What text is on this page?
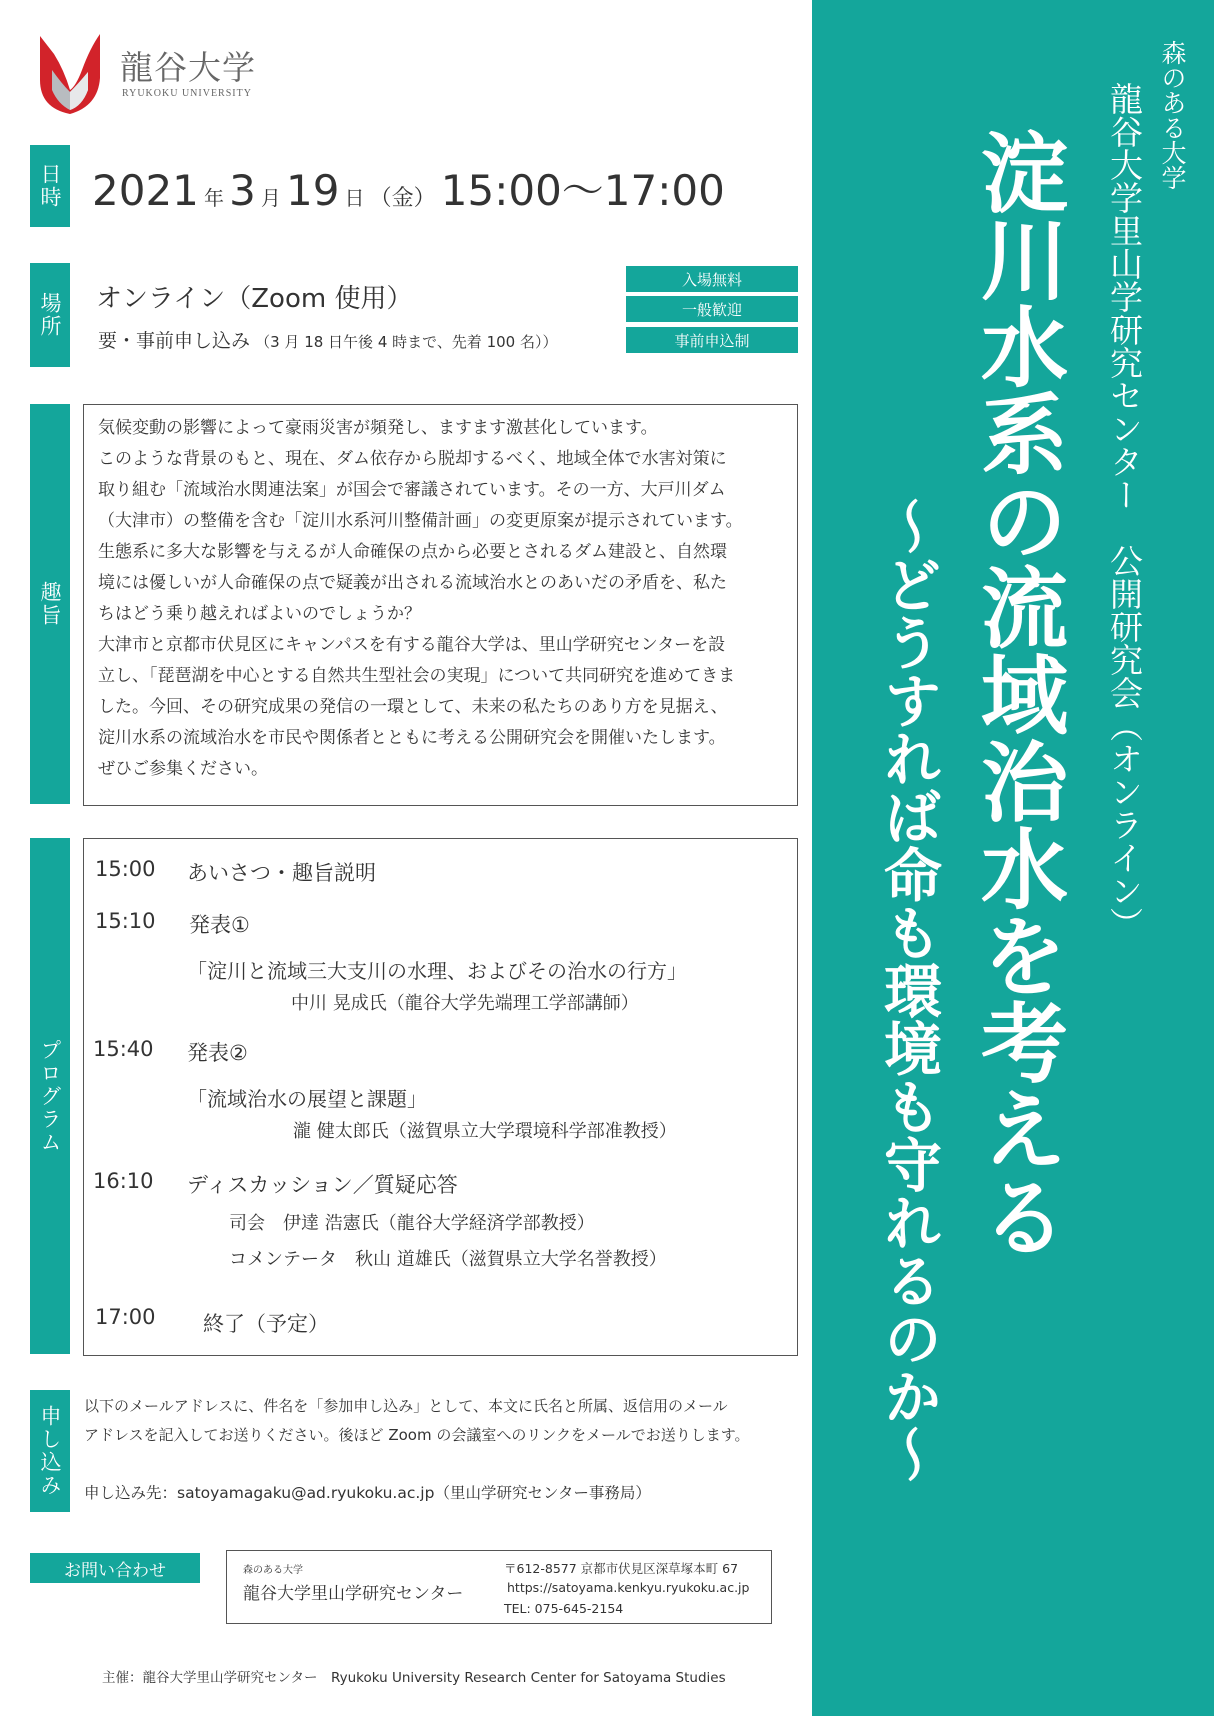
龍谷大学
RYUKOKU UNIVERSITY
日時 2021 年 3 月 19 日 （金） 15:00〜17:00
場所	オンライン（Zoom 使用）
要・事前申し込み （3 月 18 日午後 4 時まで、先着 100 名））
入場無料
一般歓迎
事前申込制
趣旨
気候変動の影響によって豪雨災害が頻発し、ますます激甚化しています。
このような背景のもと、現在、ダム依存から脱却するべく、地域全体で水害対策に
取り組む「流域治水関連法案」が国会で審議されています。その一方、大戸川ダム
（大津市）の整備を含む「淀川水系河川整備計画」の変更原案が提示されています。
生態系に多大な影響を与えるが人命確保の点から必要とされるダム建設と、自然環
境には優しいが人命確保の点で疑義が出される流域治水とのあいだの矛盾を、私た
ちはどう乗り越えればよいのでしょうか？
大津市と京都市伏見区にキャンパスを有する龍谷大学は、里山学研究センターを設
立し、「琵琶湖を中心とする自然共生型社会の実現」について共同研究を進めてきま
した。今回、その研究成果の発信の一環として、未来の私たちのあり方を見据え、
淀川水系の流域治水を市民や関係者とともに考える公開研究会を開催いたします。
ぜひご参集ください。
プログラム
15:00 あいさつ・趣旨説明
15:10 発表①
「淀川と流域三大支川の水理、およびその治水の行方」
中川 晃成氏（龍谷大学先端理工学部講師）
15:40 発表②
「流域治水の展望と課題」
瀧 健太郎氏（滋賀県立大学環境科学部准教授）
16:10 ディスカッション／質疑応答
司会　伊達 浩憲氏（龍谷大学経済学部教授）
コメンテータ　秋山 道雄氏（滋賀県立大学名誉教授）
17:00 終了（予定）
申し込み	以下のメールアドレスに、件名を「参加申し込み」として、本文に氏名と所属、返信用のメール
アドレスを記入してお送りください。後ほど Zoom の会議室へのリンクをメールでお送りします。
申し込み先：satoyamagaku@ad.ryukoku.ac.jp（里山学研究センター事務局）
お問い合わせ	森のある大学
龍谷大学里山学研究センター
〒612-8577 京都市伏見区深草塚本町 67
https://satoyama.kenkyu.ryukoku.ac.jp
TEL: 075-645-2154
主催：龍谷大学里山学研究センター　Ryukoku University Research Center for Satoyama Studies
森のある大学
龍谷大学里山学研究センター　公開研究会（オンライン）
淀川水系の流域治水を考える
〜どうすれば命も環境も守れるのか〜
